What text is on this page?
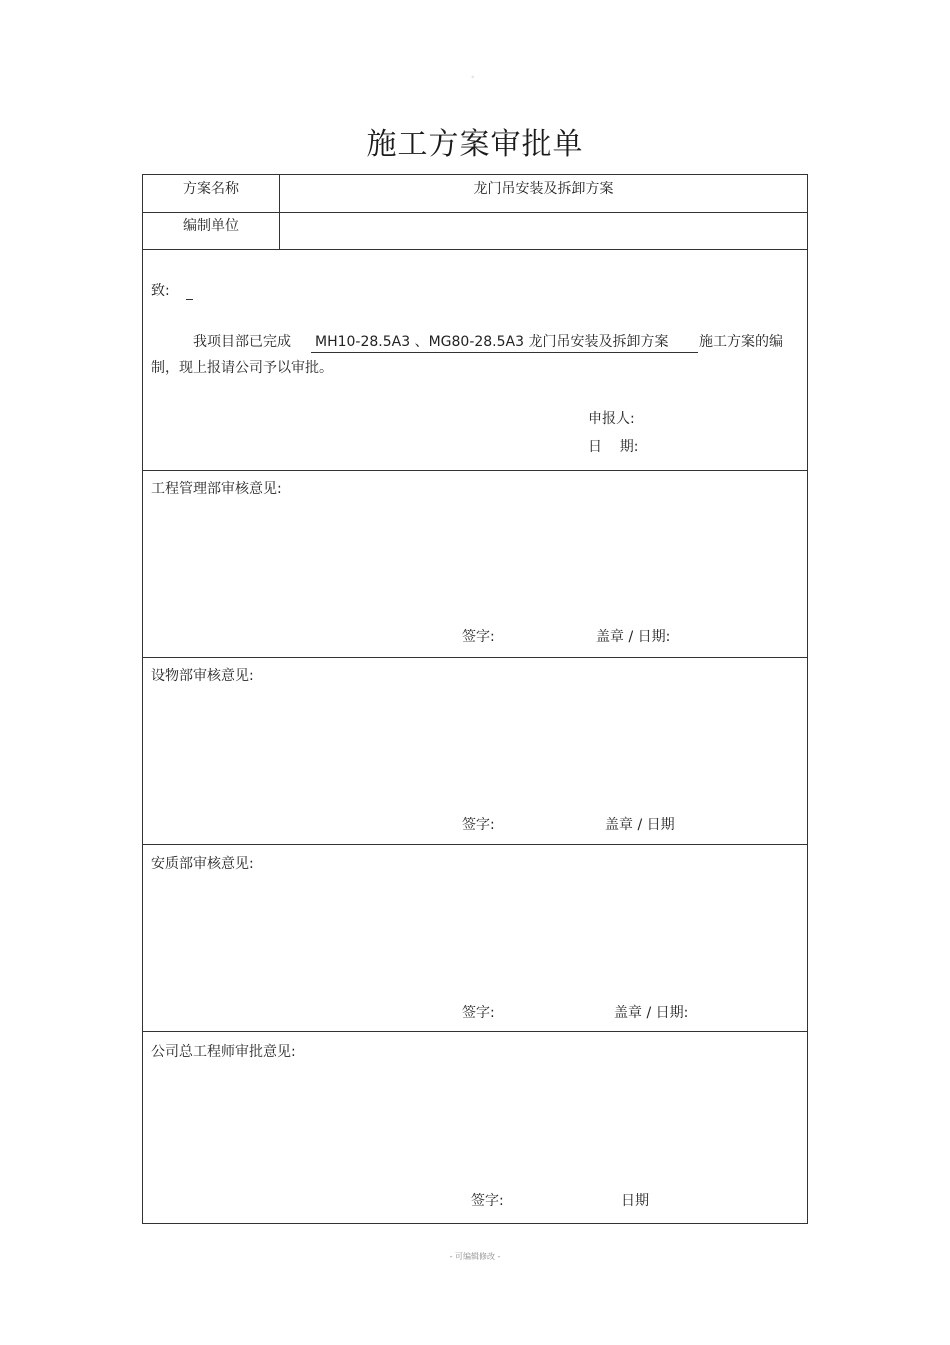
。
施工方案审批单
方案名称	龙门吊安装及拆卸方案
编制单位
致:
我项目部已完成 MH10-28.5A3 、MG80-28.5A3 龙门吊安装及拆卸方案	施工方案的编
制，现上报请公司予以审批。
申报人:
日    期:
工程管理部审核意见:
签字:	盖章 / 日期:
设物部审核意见:
签字:	盖章 / 日期
安质部审核意见:
签字:	盖章 / 日期:
公司总工程师审批意见:
签字:	日期
- 可编辑修改 -
